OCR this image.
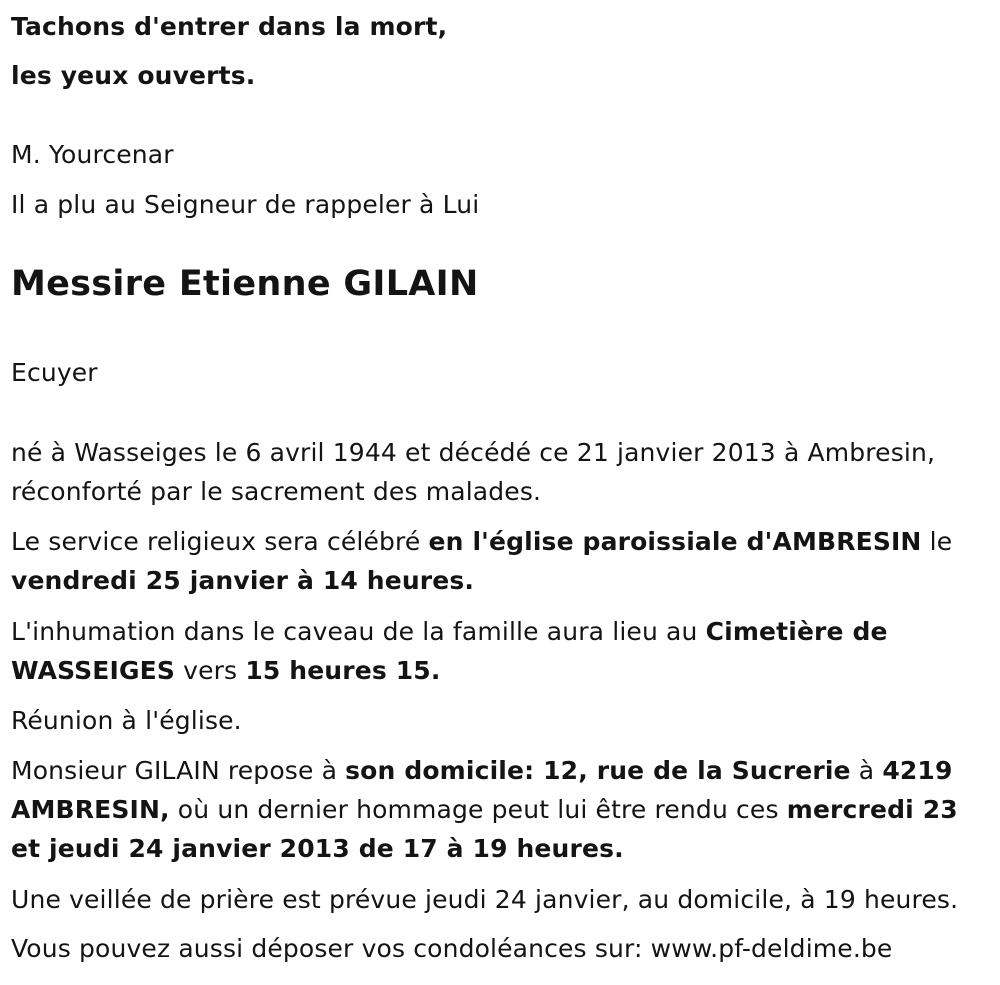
Tachons d'entrer dans la mort,

les yeux ouverts.

M. Yourcenar

Il a plu au Seigneur de rappeler à Lui

Messire Etienne GILAIN

Ecuyer

né à Wasseiges le 6 avril 1944 et décédé ce 21 janvier 2013 à Ambresin, réconforté par le sacrement des malades.

Le service religieux sera célébré en l'église paroissiale d'AMBRESIN le vendredi 25 janvier à 14 heures.

L'inhumation dans le caveau de la famille aura lieu au Cimetière de WASSEIGES vers 15 heures 15.

Réunion à l'église.

Monsieur GILAIN repose à son domicile: 12, rue de la Sucrerie à 4219 AMBRESIN, où un dernier hommage peut lui être rendu ces mercredi 23 et jeudi 24 janvier 2013 de 17 à 19 heures.

Une veillée de prière est prévue jeudi 24 janvier, au domicile, à 19 heures.

Vous pouvez aussi déposer vos condoléances sur: www.pf-deldime.be
